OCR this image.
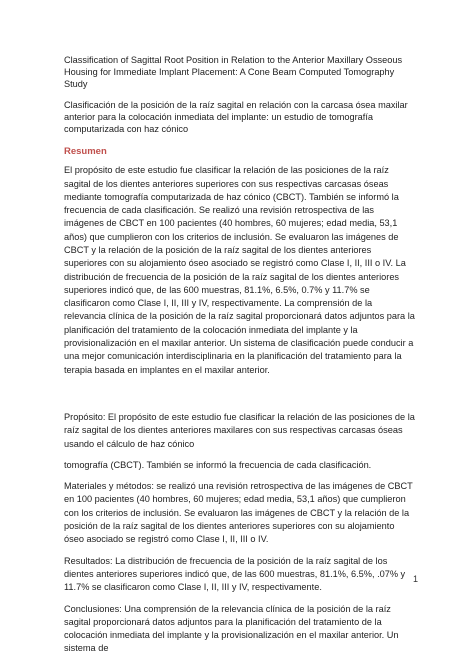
Classification of Sagittal Root Position in Relation to the Anterior Maxillary Osseous Housing for Immediate Implant Placement: A Cone Beam Computed Tomography Study

Clasificación de la posición de la raíz sagital en relación con la carcasa ósea maxilar anterior para la colocación inmediata del implante: un estudio de tomografía computarizada con haz cónico

Resumen

El propósito de este estudio fue clasificar la relación de las posiciones de la raíz sagital de los dientes anteriores superiores con sus respectivas carcasas óseas mediante tomografía computarizada de haz cónico (CBCT). También se informó la frecuencia de cada clasificación. Se realizó una revisión retrospectiva de las imágenes de CBCT en 100 pacientes (40 hombres, 60 mujeres; edad media, 53,1 años) que cumplieron con los criterios de inclusión. Se evaluaron las imágenes de CBCT y la relación de la posición de la raíz sagital de los dientes anteriores superiores con su alojamiento óseo asociado se registró como Clase I, II, III o IV. La distribución de frecuencia de la posición de la raíz sagital de los dientes anteriores superiores indicó que, de las 600 muestras, 81.1%, 6.5%, 0.7% y 11.7% se clasificaron como Clase I, II, III y IV, respectivamente. La comprensión de la relevancia clínica de la posición de la raíz sagital proporcionará datos adjuntos para la planificación del tratamiento de la colocación inmediata del implante y la provisionalización en el maxilar anterior. Un sistema de clasificación puede conducir a una mejor comunicación interdisciplinaria en la planificación del tratamiento para la terapia basada en implantes en el maxilar anterior.

Propósito: El propósito de este estudio fue clasificar la relación de las posiciones de la raíz sagital de los dientes anteriores maxilares con sus respectivas carcasas óseas usando el cálculo de haz cónico

tomografía (CBCT). También se informó la frecuencia de cada clasificación.

Materiales y métodos: se realizó una revisión retrospectiva de las imágenes de CBCT en 100 pacientes (40 hombres, 60 mujeres; edad media, 53,1 años) que cumplieron con los criterios de inclusión. Se evaluaron las imágenes de CBCT y la relación de la posición de la raíz sagital de los dientes anteriores superiores con su alojamiento óseo asociado se registró como Clase I, II, III o IV.

Resultados: La distribución de frecuencia de la posición de la raíz sagital de los dientes anteriores superiores indicó que, de las 600 muestras, 81.1%, 6.5%, .07% y 11.7% se clasificaron como Clase I, II, III y IV, respectivamente.

Conclusiones: Una comprensión de la relevancia clínica de la posición de la raíz sagital proporcionará datos adjuntos para la planificación del tratamiento de la colocación inmediata del implante y la provisionalización en el maxilar anterior. Un sistema de

1
